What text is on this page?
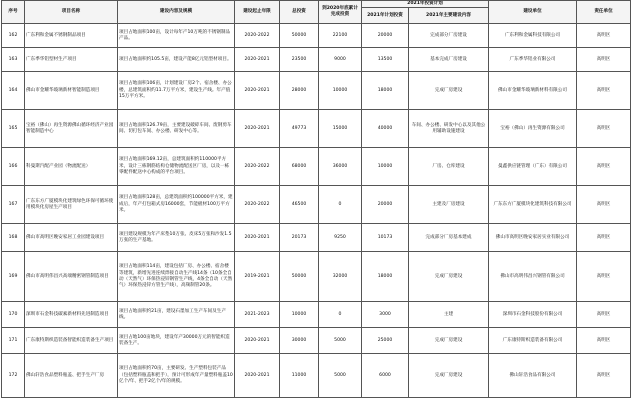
序号	项目名称	建设内容及规模	建设起止年限	总投资	到2020年底累计完成投资	2021年投资计划		建设单位	责任单位
						2021年计划投资	2021年主要建设内容		
162	广东利和金属不锈钢制品项目	项目占地面积100亩，设计每年产10万吨的不锈钢制品产品。	2020-2022	50000	22100	20000	完成部分厂房建设	广东利和金属科技有限公司	高明区
163	广东季华铝型材生产项目	项目占地面积约105.5亩，建设产能8亿元铝型材项目。	2020-2021	23500	9000	13500	基本完成厂房建设	广东季华铝业有限公司	高明区
164	佛山市金耀华玻璃新材智能制造项目	项目占地面积106亩，计划建设厂房2个、宿舍楼、办公楼，总建筑面积约11.7万平方米，建设生产线。年产值15万平方米。	2020-2021	28000	10000	18000	完成厂房建设	佛山市金耀华玻璃新材料有限公司	高明区
165	宝裕（佛山）再生资源佛山循环经济产业园智能制造中心	项目占地面积126.79亩，主要建设破碎车间、废钢剪车间、切打包车间、办公楼、研发中心等。	2020-2021	49773	15000	40000	车间、办公楼、研发中心以及其他公用辅助设施建设	宝裕（佛山）再生资源有限公司	高明区
166	科曼斯汽配产业园（物流配送）	项目占地面积169.12亩，总建筑面积约110000平方米，设计三栋钢筋结构仓储物流配送区厂房，以及一栋零配件配送中心构成的平台项目。	2020-2022	68000	36000	10000	厂房、仓库建设	曼鑫供应链管理（广东）有限公司	高明区
167	广东东方广厦模块化建筑绿色环保可循环使用模块化房屋生产项目	项目占地面积128亩，总建筑面积约100000平方米，建成后，年产打包箱式房16000套，节能板材100万平方米。	2020-2022	46500	0	20000	主建及厂房建设	广东东方广厦模块化建筑科技有限公司	高明区
168	佛山市高明区晚安家居工业园建设项目	项目建设规模为年产床垫10万张、皮床5万张和沙发1.5万张的生产基地。	2020-2021	20173	9250	10173	完成部分厂房基本建成	佛山市高明区晚安家居实业有限公司	高明区
169	佛山市高明伟昌兴高端精密钢管制造项目	项目占地面积114亩，建设包括厂房、办公楼、宿舍楼等建筑，新增先进连续焊接自动生产线14条（10条全自动（天然气）环保热浸锌钢管生产线，4条全自动（天然气）环保热浸锌方管生产线），高频制管20条。	2019-2021	50000	32000	18000	完成厂房建设	佛山市高明伟昌兴钢管有限公司	高明区
170	深圳市石金科技碳素新材料先进制造项目	项目占地面积约21亩，建设石墨加工生产车间及生产线。	2021-2023	10000	0	3000	主建	深圳市石金科技股份有限公司	高明区
171	广东康特斯织造装备智能织造装备生产项目	项目占地100亩地块，建设年产30000万元的智能织造装备生产。	2020-2021	30000	5000	25000	完成厂房建设	广东康特斯织造装备有限公司	高明区
172	佛山轩浩食品塑料瓶盖、把手生产厂房	项目占地面积约70亩，主要研发、生产塑料包装产品（包括塑料瓶盖和把手），预计可形成年产量塑料瓶盖10亿个/年、把手2亿个/年的规模。	2020-2021	11000	5000	6000	完成厂房建设	佛山轩浩食品有限公司	高明区
